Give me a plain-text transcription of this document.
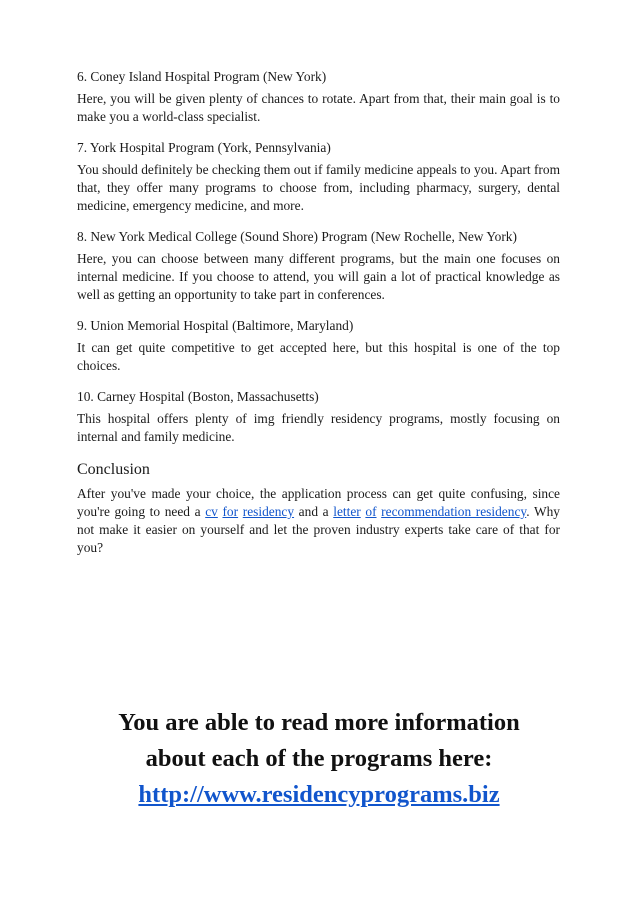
6. Coney Island Hospital Program (New York)
Here, you will be given plenty of chances to rotate. Apart from that, their main goal is to make you a world-class specialist.
7. York Hospital Program (York, Pennsylvania)
You should definitely be checking them out if family medicine appeals to you. Apart from that, they offer many programs to choose from, including pharmacy, surgery, dental medicine, emergency medicine, and more.
8. New York Medical College (Sound Shore) Program (New Rochelle, New York)
Here, you can choose between many different programs, but the main one focuses on internal medicine. If you choose to attend, you will gain a lot of practical knowledge as well as getting an opportunity to take part in conferences.
9. Union Memorial Hospital (Baltimore, Maryland)
It can get quite competitive to get accepted here, but this hospital is one of the top choices.
10. Carney Hospital (Boston, Massachusetts)
This hospital offers plenty of img friendly residency programs, mostly focusing on internal and family medicine.
Conclusion
After you've made your choice, the application process can get quite confusing, since you're going to need a cv for residency and a letter of recommendation residency. Why not make it easier on yourself and let the proven industry experts take care of that for you?
You are able to read more information
about each of the programs here:
http://www.residencyprograms.biz
